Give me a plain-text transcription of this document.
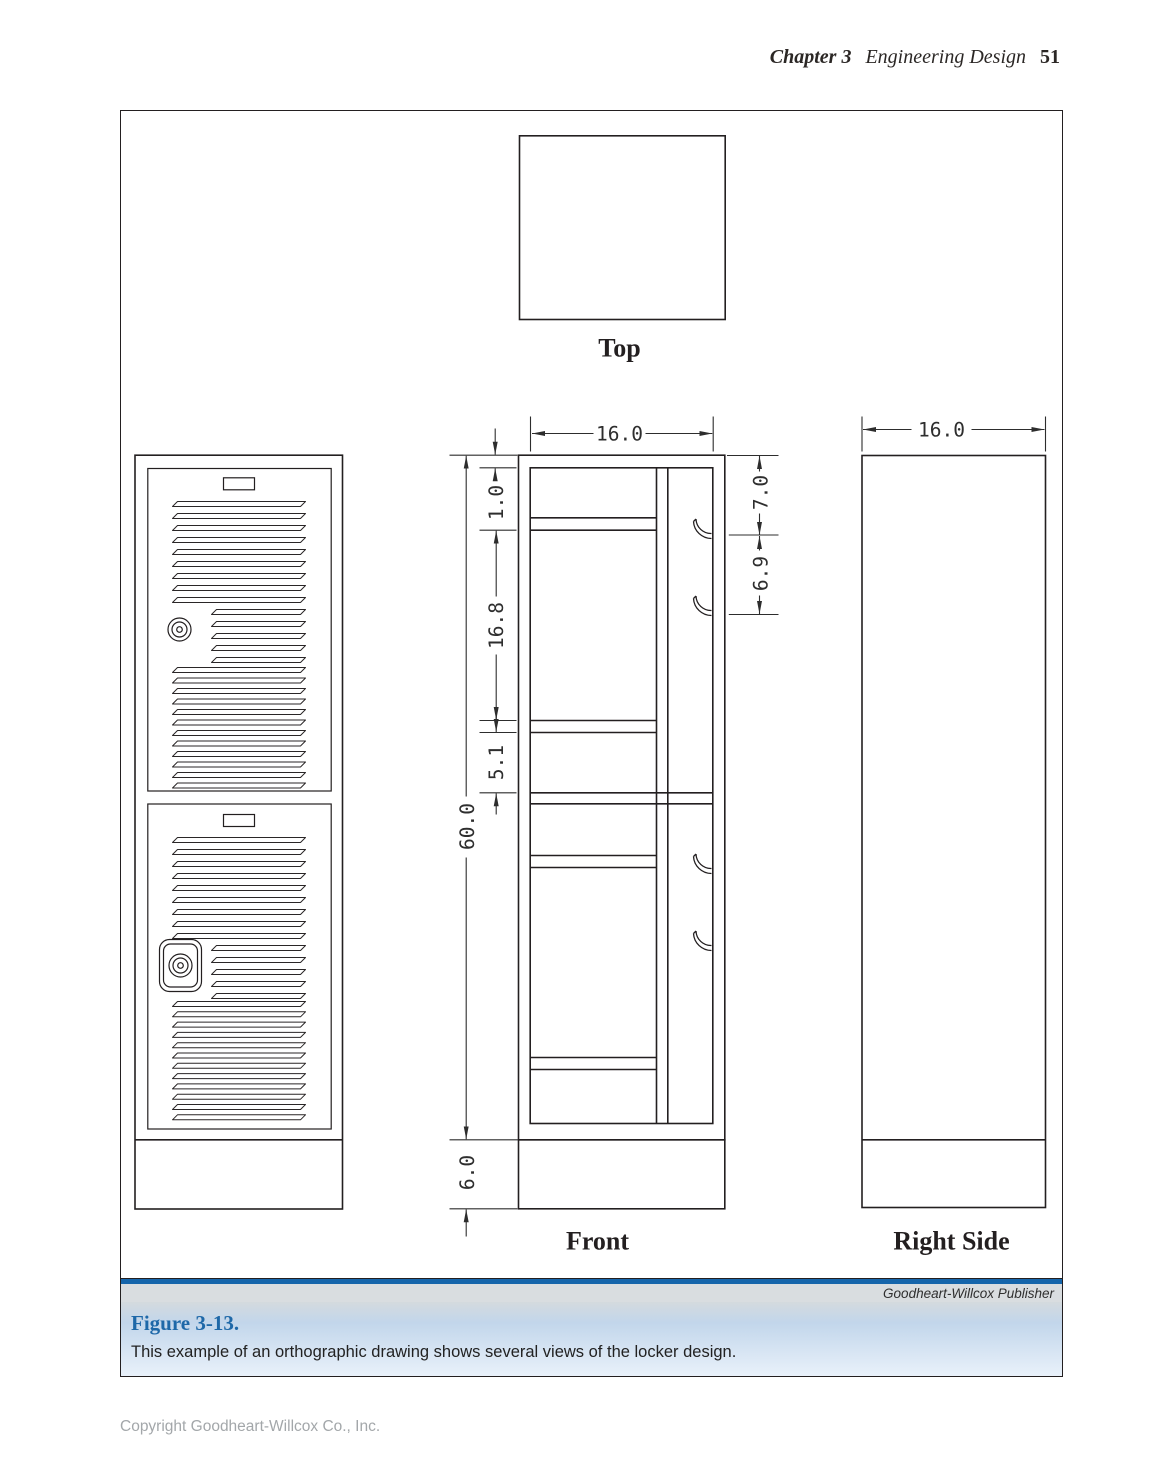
Chapter 3 Engineering Design 51
Top
Front	Right Side
16.0	16.0
60.0
6.0
1.0
16.8
5.1
7.0
6.9
Goodheart-Willcox Publisher
Figure 3-13.
This example of an orthographic drawing shows several views of the locker design.
Copyright Goodheart-Willcox Co., Inc.
